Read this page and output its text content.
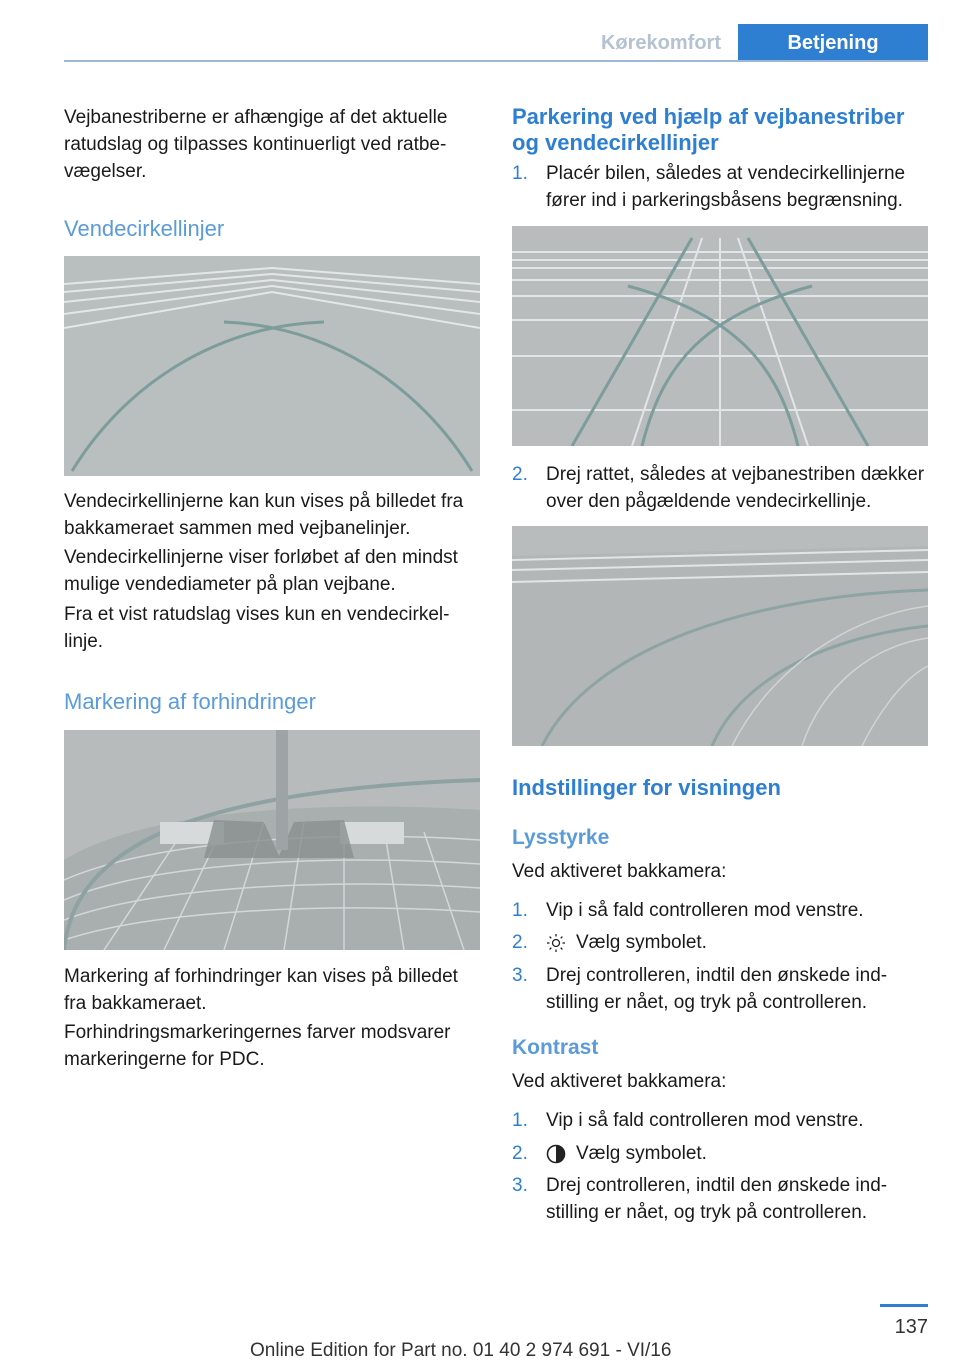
Kørekomfort	Betjening

Vejbanestriberne er afhængige af det aktuelle ratudslag og tilpasses kontinuerligt ved ratbevægelser.

Vendecirkellinjer

Vendecirkellinjerne kan kun vises på billedet fra bakkameraet sammen med vejbanelinjer.

Vendecirkellinjerne viser forløbet af den mindst mulige vendediameter på plan vejbane.

Fra et vist ratudslag vises kun en vendecirkellinje.

Markering af forhindringer

Markering af forhindringer kan vises på billedet fra bakkameraet.

Forhindringsmarkeringernes farver modsvarer markeringerne for PDC.

Parkering ved hjælp af vejbanestriber og vendecirkellinjer
1. Placér bilen, således at vendecirkellinjerne fører ind i parkeringsbåsens begrænsning.
2. Drej rattet, således at vejbanestriben dækker over den pågældende vendecirkellinje.
Indstillinger for visningen
Lysstyrke

Ved aktiveret bakkamera:

1. Vip i så fald controlleren mod venstre.
2.	Vælg symbolet.
3. Drej controlleren, indtil den ønskede indstilling er nået, og tryk på controlleren.
Kontrast

Ved aktiveret bakkamera:

1. Vip i så fald controlleren mod venstre.
2.	Vælg symbolet.
3. Drej controlleren, indtil den ønskede indstilling er nået, og tryk på controlleren.
137
Online Edition for Part no. 01 40 2 974 691 - VI/16
